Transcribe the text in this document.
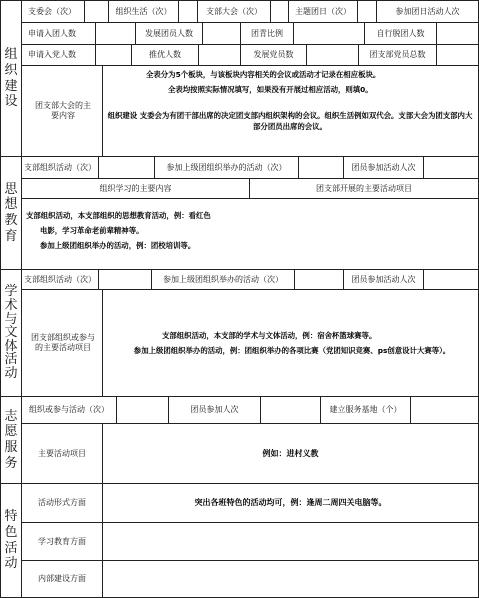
组
织
建
设
支委会（次）	组织生活（次）	支部大会（次）	主题团日（次）	参加团日活动人次
申请入团人数	发展团员人数	团青比例	自行脱团人数
申请入党人数	推优人数	发展党员数	团支部党员总数
团支部大会的主要内容
全表分为5个板块，与该板块内容相关的会议或活动才记录在相应板块。
全表均按照实际情况填写，如果没有开展过相应活动，则填0。
组织建设 支委会为有团干部出席的决定团支部内组织架构的会议。组织生活例如双代会。支部大会为团支部内大部分团员出席的会议。
思
想
教
育
支部组织活动（次）	参加上级团组织举办的活动（次）	团员参加活动人次
组织学习的主要内容	团支部开展的主要活动项目
支部组织活动，本支部组织的思想教育活动，例：看红色
电影，学习革命老前辈精神等。
参加上级团组织举办的活动，例：团校培训等。
学
术
与
文
体
活
动
支部组织活动（次）	参加上级团组织举办的活动（次）	团员参加活动人次
团支部组织或参与的主要活动项目
支部组织活动，本支部的学术与文体活动，例：宿舍杯篮球赛等。
参加上级团组织举办的活动，例：团组织举办的各项比赛（党团知识竞赛、ps创意设计大赛等）。
志
愿
服
务
组织或参与活动（次）	团员参加人次	建立服务基地（个）
主要活动项目	例如：进村义教
特
色
活
动
活动形式方面	突出各班特色的活动均可，例：逢周二周四关电脑等。
学习教育方面
内部建设方面
